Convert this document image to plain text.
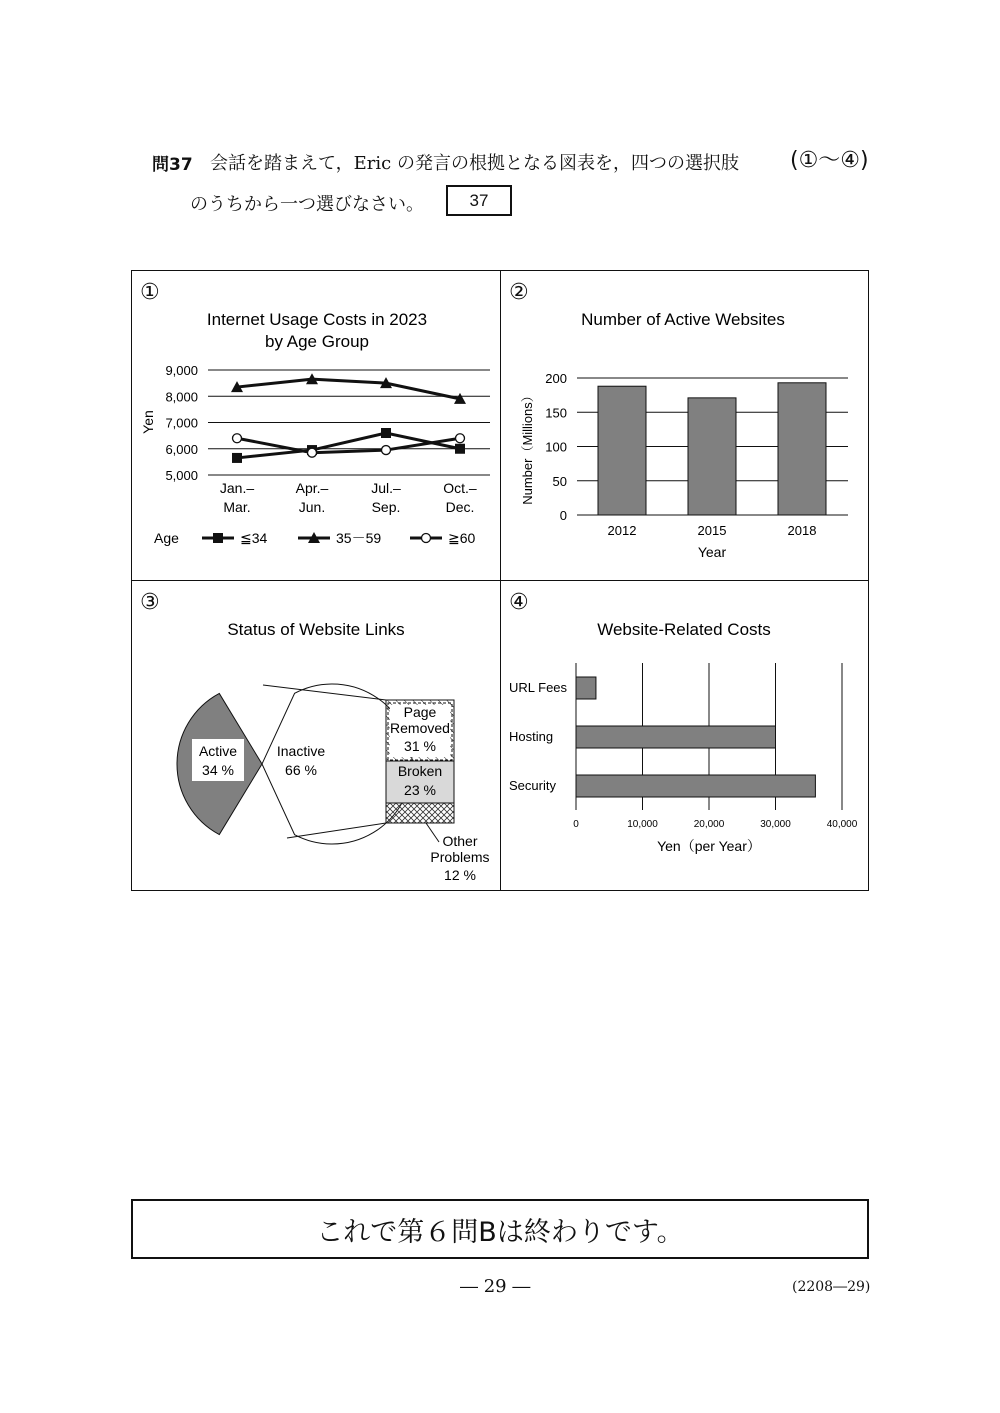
問37 会話を踏まえて，Eric の発言の根拠となる図表を，四つの選択肢 (①～④)
のうちから一つ選びなさい。	37
①	②
③	④
Internet Usage Costs in 2023
by Age Group
Yen
5,000
6,000
7,000
8,000
9,000
Jan.–
Mar.
Apr.–
Jun.
Jul.–
Sep.
Oct.–
Dec.
Age	≦34	35－59	≧60
Number of Active Websites
Number（Millions）
0
50
100
150
200
2012	2015	2018
Year
Status of Website Links
Active
34 %
Inactive
66 %
Page
Removed
31 %
Broken
23 %
Other
Problems
12 %
Website-Related Costs
URL Fees
Hosting
Security
0	10,000	20,000	30,000	40,000
Yen（per Year）
これで第６問Bは終わりです。
― 29 ―	(2208―29)
